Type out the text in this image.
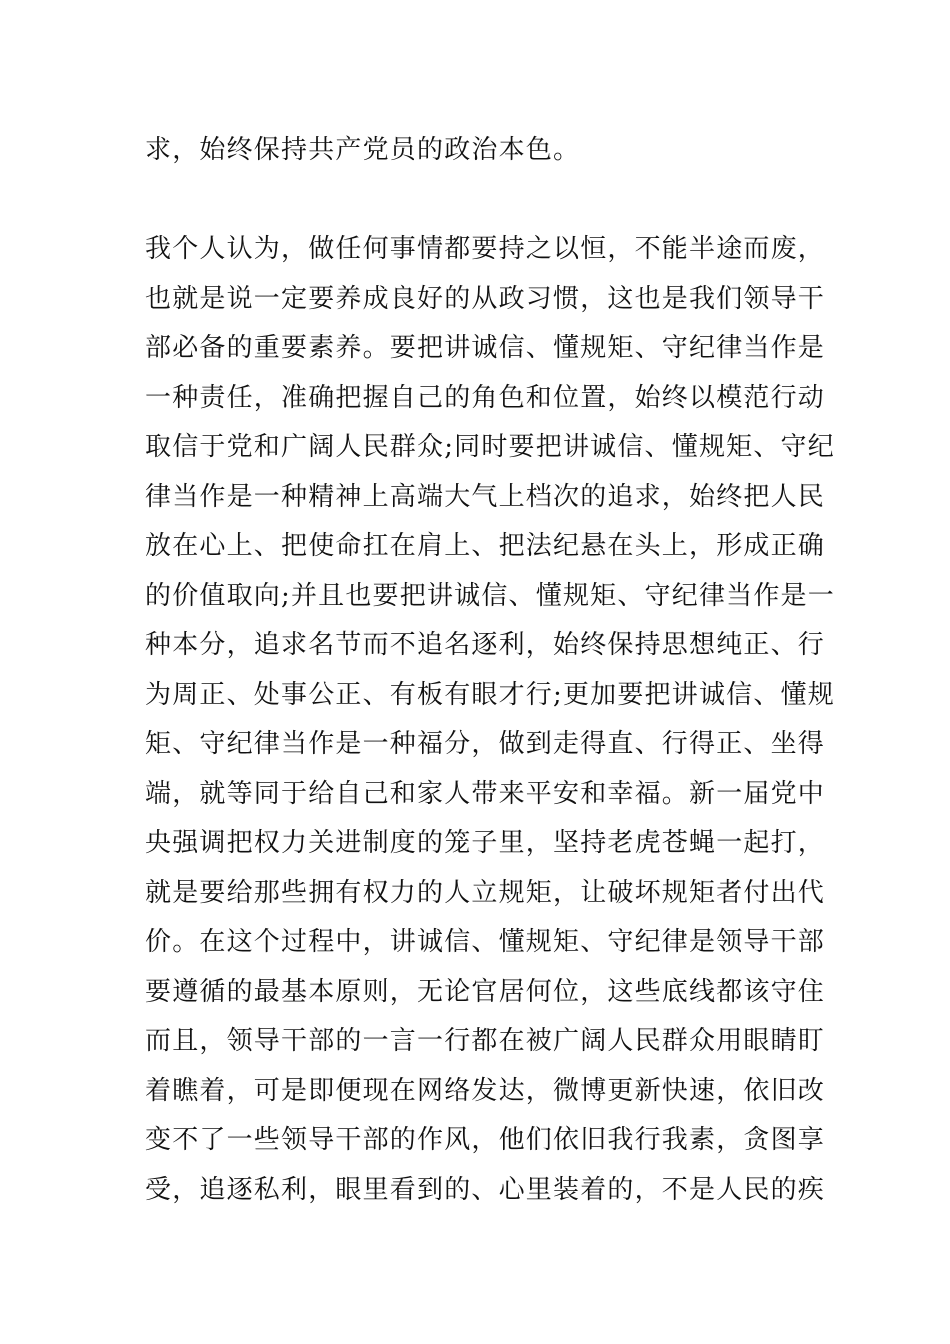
求，始终保持共产党员的政治本色。
我个人认为，做任何事情都要持之以恒，不能半途而废，
也就是说一定要养成良好的从政习惯，这也是我们领导干
部必备的重要素养。要把讲诚信、懂规矩、守纪律当作是
一种责任，准确把握自己的角色和位置，始终以模范行动
取信于党和广阔人民群众;同时要把讲诚信、懂规矩、守纪
律当作是一种精神上高端大气上档次的追求，始终把人民
放在心上、把使命扛在肩上、把法纪悬在头上，形成正确
的价值取向;并且也要把讲诚信、懂规矩、守纪律当作是一
种本分，追求名节而不追名逐利，始终保持思想纯正、行
为周正、处事公正、有板有眼才行;更加要把讲诚信、懂规
矩、守纪律当作是一种福分，做到走得直、行得正、坐得
端，就等同于给自己和家人带来平安和幸福。新一届党中
央强调把权力关进制度的笼子里，坚持老虎苍蝇一起打，
就是要给那些拥有权力的人立规矩，让破坏规矩者付出代
价。在这个过程中，讲诚信、懂规矩、守纪律是领导干部
要遵循的最基本原则，无论官居何位，这些底线都该守住
而且，领导干部的一言一行都在被广阔人民群众用眼睛盯
着瞧着，可是即便现在网络发达，微博更新快速，依旧改
变不了一些领导干部的作风，他们依旧我行我素，贪图享
受，追逐私利，眼里看到的、心里装着的，不是人民的疾
